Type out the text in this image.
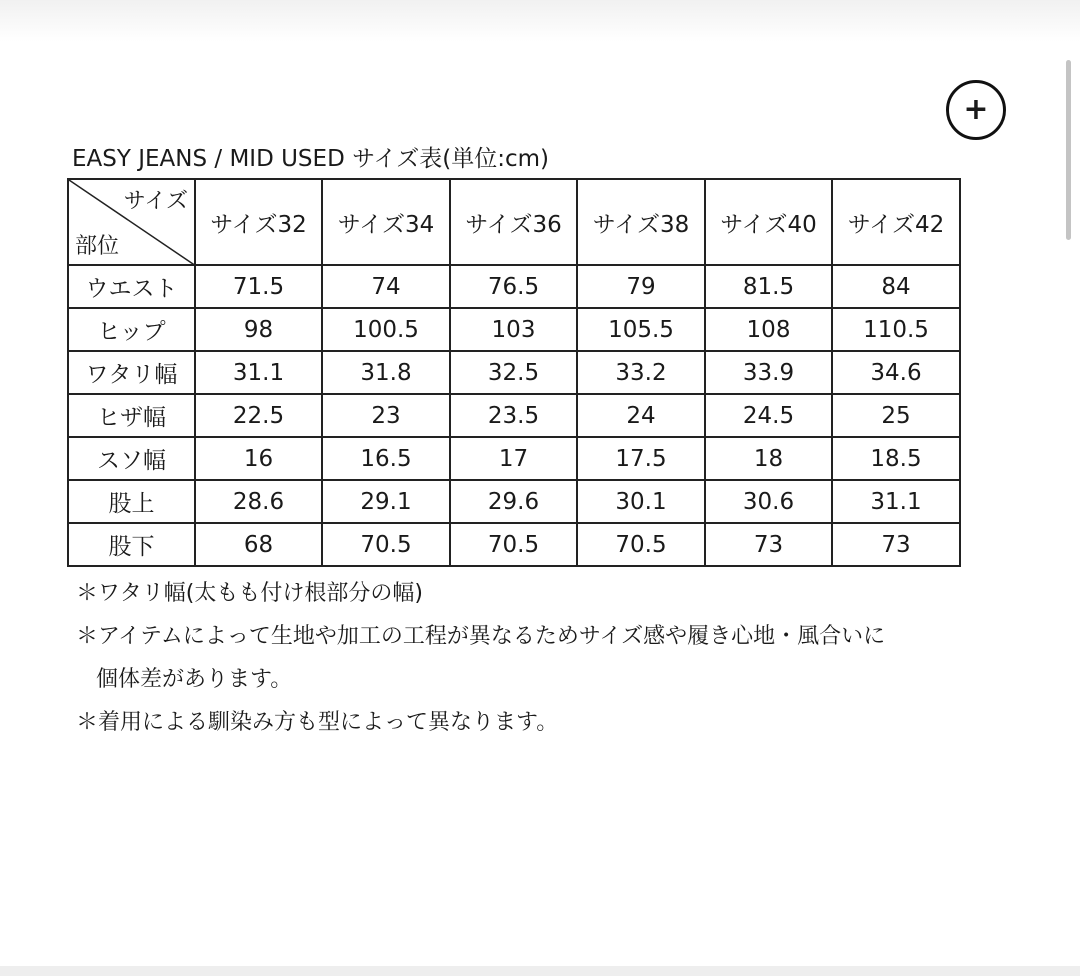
+
EASY JEANS / MID USED サイズ表(単位:cm)
サイズ
部位	サイズ32	サイズ34	サイズ36	サイズ38	サイズ40	サイズ42
ウエスト	71.5	74	76.5	79	81.5	84
ヒップ	98	100.5	103	105.5	108	110.5
ワタリ幅	31.1	31.8	32.5	33.2	33.9	34.6
ヒザ幅	22.5	23	23.5	24	24.5	25
スソ幅	16	16.5	17	17.5	18	18.5
股上	28.6	29.1	29.6	30.1	30.6	31.1
股下	68	70.5	70.5	70.5	73	73
＊ワタリ幅(太もも付け根部分の幅)
＊アイテムによって生地や加工の工程が異なるためサイズ感や履き心地・風合いに
個体差があります。
＊着用による馴染み方も型によって異なります。
